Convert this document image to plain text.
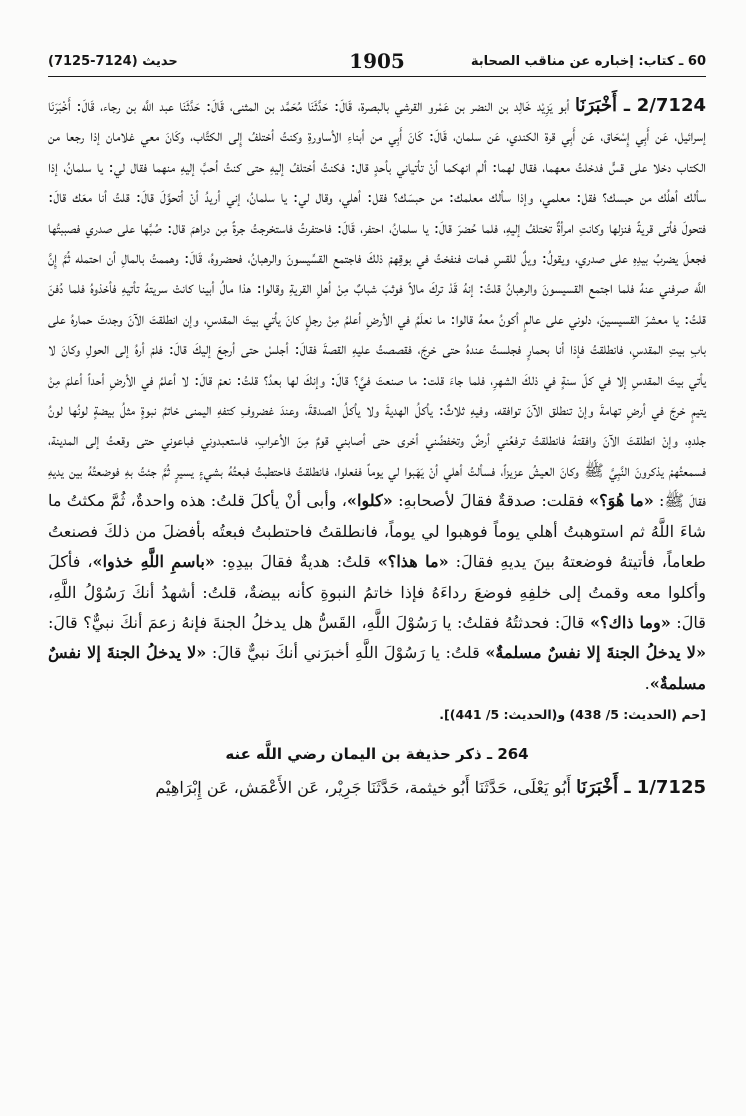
60 ـ كتاب: إخباره عن مناقب الصحابة
1905
حديث (7124-7125)

2/7124 ـ أَخْبَرَنَا أبو يَزِيْد خَالِد بن النضر بن عَمْرو القرشي بالبصرة، قَالَ: حَدَّثَنَا مُحَمَّد بن المثنى، قَالَ: حَدَّثَنَا عبد اللَّه بن رجاء، قَالَ: أَخْبَرَنَا إسرائيل، عَن أَبِي إِسْحَاق، عَن أَبِي قرة الكندي، عَن سلمان، قَالَ: كَانَ أَبِي من أبناءِ الأساورةِ وكنتُ أختلفُ إِلى الكتَّاب، وكَانَ معي غلامان إذا رجعا من الكتاب دخلا على قسٍّ فدخلتُ معهما، فقال لهما: ألم انهكما أنْ تأتياني بأحدٍ قال: فكنتُ أختلفُ إليهِ حتى كنتُ أحبَّ إليهِ منهما فقال لي: يا سلمانُ، إذا سألك أهلُك من حبسك؟ فقل: معلمي، وإذا سألك معلمك: من حبسَك؟ فقل: أهلي، وقال لي: يا سلمانُ، إني أريدُ أنْ أتحوَّلَ قالَ: قلتُ أنا معَك قالَ: فتحولَ فأتى قريةً فنزلها وكانتِ امرأةٌ تختلفُ إليهِ، فلما حُضرَ قالَ: يا سلمانُ، احتفر، قَالَ: فاحتفرتُ فاستخرجتُ جرةً مِن دراهمَ قال: صُبَّها على صدري فصببتُها فجعلَ يضربُ بيدِهِ على صدري، ويقولُ: ويلٌ للقسِ فمات فنفختُ في بوقِهمْ ذلكَ فاجتمع القسِّيسونَ والرهبانُ، فحضروهُ، قَالَ: وهممتُ بالمالِ أن احتمله ثُمَّ إِنَّ اللَّه صرفني عنهُ فلما اجتمع القسيسونَ والرهبانُ قلتُ: إنهُ قَدْ تركَ مالاً فوثبَ شبابٌ مِنْ أهلِ القريةِ وقالوا: هذا مالُ أبينا كانتْ سريتهُ تأتيهِ فأخذوهُ فلما دُفنَ قلتُ: يا معشرَ القسيسينَ، دلوني على عالمٍ أكونُ معهُ قالوا: ما نعلَمُ في الأرضِ أعلمُ مِنْ رجلٍ كانَ يأتي بيتَ المقدسِ، وإن انطلقتَ الآنَ وجدتَ حمارهُ على بابِ بيتِ المقدسِ، فانطلقتُ فإذا أنا بحمارٍ فجلستُ عندهُ حتى خرجَ، فقصصتُ عليهِ القصةَ فقالَ: أجلسْ حتى أرجعَ إليكَ قالَ: فلمْ أرهُ إلى الحولِ وكانَ لا يأتي بيتَ المقدسِ إلا في كلّ سنةٍ في ذلكَ الشهرِ، فلما جاءَ قلت: ما صنعتَ فيَّ؟ قالَ: وإنكَ لها بعدُ؟ قلتُ: نعمْ قالَ: لا أعلمُ في الأرضِ أحداً أعلمَ مِنْ يتيمٍ خرجَ في أرضِ تهامةَ وإنْ تنطلق الآنَ توافقه، وفيهِ ثلاثٌ: يأكلُ الهديةَ ولا يأكلُ الصدقةَ، وعندَ غضروفِ كتفهِ اليمنى خاتمُ نبوةٍ مثلُ بيضةٍ لونُها لونُ جلدهِ، وإنْ انطلقتَ الآنَ وافقتهُ فانطلقتُ ترفعُني أرضٌ وتخفضُني أخرى حتى أصابني قومٌ مِنَ الأعرابِ، فاستعبدوني فباعوني حتى وقعتُ إلى المدينة، فسمعتُهمْ يذكرونَ النَّبِيَّ ﷺ وكانَ العيشُ عزيزاً، فسألتُ أهلي أنْ يَهَبوا لي يوماً ففعلوا، فانطلقتُ فاحتطبتُ فبعتُهُ بشيءٍ يسيرٍ ثُمَّ جئتُ بهِ فوضعتُهُ بين يديهِ فقالَ ﷺ: «ما هُوَ؟» فقلت: صدقةٌ فقالَ لأصحابهِ: «كلوا»، وأبى أنْ يأكلَ قلتُ: هذه واحدةٌ، ثُمَّ مكثتُ ما شاءَ اللَّهُ ثم استوهبتُ أهلي يوماً فوهبوا لي يوماً، فانطلقتُ فاحتطبتُ فبعتُه بأفضلَ من ذلكَ فصنعتُ طعاماً، فأتيتهُ فوضعتهُ بينَ يديهِ فقالَ: «ما هذا؟» قلتُ: هديةٌ فقالَ بيدِهِ: «باسمِ اللَّهِ خذوا»، فأكلَ وأكلوا معه وقمتُ إلى خلفِهِ فوضعَ رداءَهُ فإذا خاتمُ النبوةِ كأنه بيضةٌ، قلتُ: أشهدُ أنكَ رَسُوْلُ اللَّهِ، قالَ: «وما ذاك؟» قالَ: فحدثتُهُ فقلتُ: يا رَسُوْلَ اللَّهِ، القَسُّ هل يدخلُ الجنةَ فإنهُ زعمَ أنكَ نبيٌّ؟ قالَ: «لا يدخلُ الجنةَ إلا نفسٌ مسلمةٌ» قلتُ: يا رَسُوْلَ اللَّهِ أخبرَني أنكَ نبيٌّ قالَ: «لا يدخلُ الجنةَ إلا نفسٌ مسلمةٌ».

[حم (الحديث: 5/ 438) و(الحديث: 5/ 441)].
264 ـ ذكر حذيفة بن اليمان رضي اللَّه عنه
1/7125 ـ أَخْبَرَنَا أَبُو يَعْلَى، حَدَّثَنَا أَبُو خيثمة، حَدَّثَنَا جَرِيْر، عَن الأَعْمَش، عَن إِبْرَاهِيْم
